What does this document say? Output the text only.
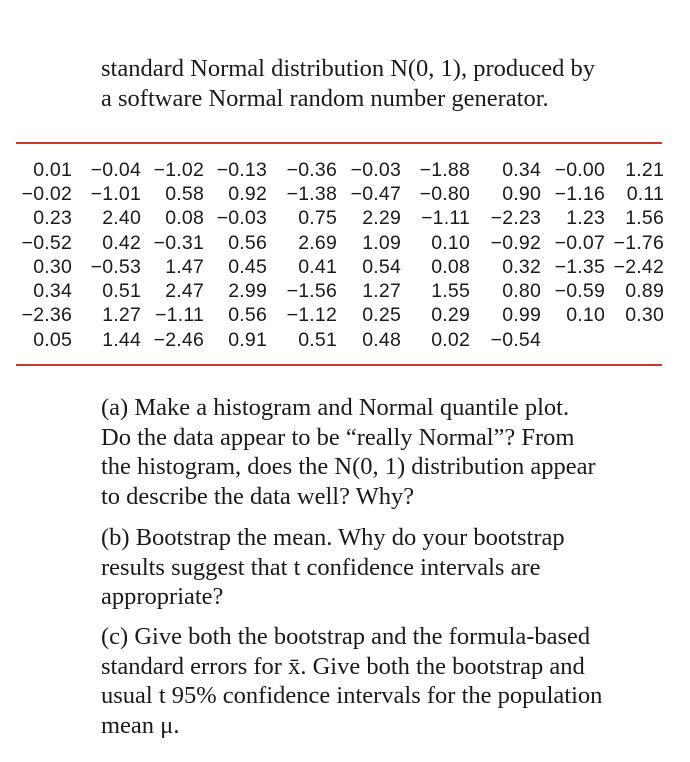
standard Normal distribution N(0, 1), produced by
a software Normal random number generator.

0.01	−0.04	−1.02	−0.13	−0.36	−0.03	−1.88	0.34	−0.00	1.21
−0.02	−1.01	0.58	0.92	−1.38	−0.47	−0.80	0.90	−1.16	0.11
0.23	2.40	0.08	−0.03	0.75	2.29	−1.11	−2.23	1.23	1.56
−0.52	0.42	−0.31	0.56	2.69	1.09	0.10	−0.92	−0.07	−1.76
0.30	−0.53	1.47	0.45	0.41	0.54	0.08	0.32	−1.35	−2.42
0.34	0.51	2.47	2.99	−1.56	1.27	1.55	0.80	−0.59	0.89
−2.36	1.27	−1.11	0.56	−1.12	0.25	0.29	0.99	0.10	0.30
0.05	1.44	−2.46	0.91	0.51	0.48	0.02	−0.54		

(a) Make a histogram and Normal quantile plot.
Do the data appear to be “really Normal”? From
the histogram, does the N(0, 1) distribution appear
to describe the data well? Why?

(b) Bootstrap the mean. Why do your bootstrap
results suggest that t confidence intervals are
appropriate?

(c) Give both the bootstrap and the formula-based
standard errors for x̄. Give both the bootstrap and
usual t 95% confidence intervals for the population
mean μ.
